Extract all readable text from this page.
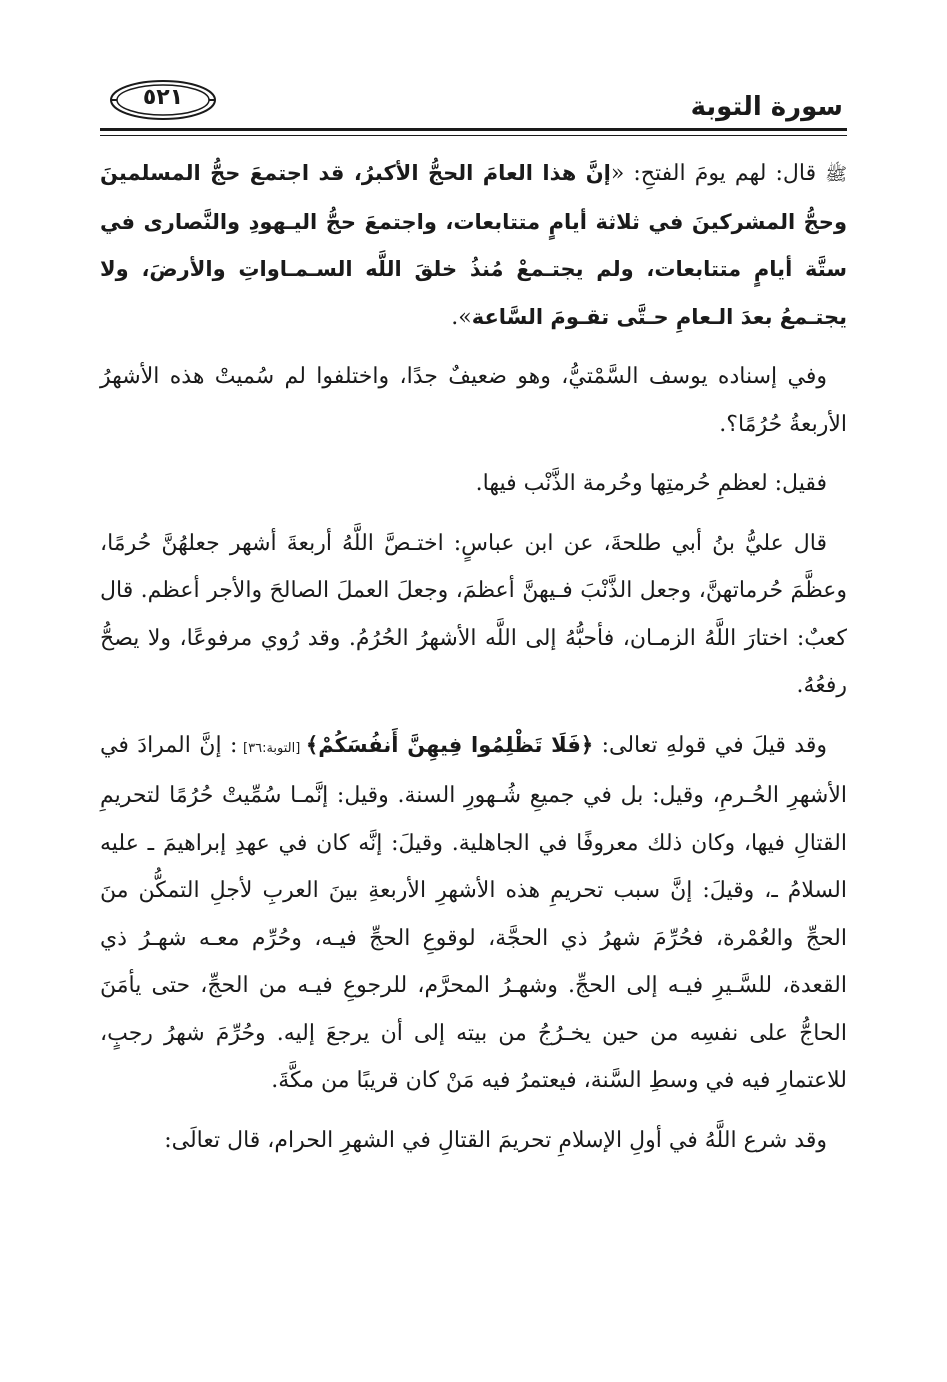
سورة التوبة
٥٢١

ﷺ قال: لهم يومَ الفتحِ: «إنَّ هذا العامَ الحجُّ الأكبرُ، قد اجتمعَ حجُّ المسلمينَ وحجُّ المشركينَ في ثلاثة أيامٍ متتابعات، واجتمعَ حجُّ اليـهودِ والنَّصارى في ستَّة أيامٍ متتابعات، ولم يجتـمعْ مُنذُ خلقَ اللَّه السـمـاواتِ والأرضَ، ولا يجتـمعُ بعدَ الـعامِ حـتَّى تقـومَ السَّاعة».

وفي إسناده يوسف السَّمْتيُّ، وهو ضعيفٌ جدًا، واختلفوا لم سُميتْ هذه الأشهرُ الأربعةُ حُرُمًا؟.

فقيل: لعظمِ حُرمتِها وحُرمة الذَّنْب فيها.

قال عليُّ بنُ أبي طلحةَ، عن ابن عباسٍ: اختـصَّ اللَّهُ أربعةَ أشهر جعلهُنَّ حُرمًا، وعظَّمَ حُرماتهنَّ، وجعل الذَّنْبَ فـيهنَّ أعظمَ، وجعلَ العملَ الصالحَ والأجر أعظم. قال كعبٌ: اختارَ اللَّهُ الزمـان، فأحبُّهُ إلى اللَّه الأشهرُ الحُرُمُ. وقد رُوي مرفوعًا، ولا يصحُّ رفعُهُ.

وقد قيلَ في قولهِ تعالى: ﴿فَلَا تَظْلِمُوا فِيهِنَّ أَنفُسَكُمْ﴾ [التوبة:٣٦] : إنَّ المرادَ في الأشهرِ الحُـرمِ، وقيل: بل في جميعِ شُـهورِ السنة. وقيل: إنَّمـا سُمِّيتْ حُرُمًا لتحريمِ القتالِ فيها، وكان ذلك معروفًا في الجاهلية. وقيلَ: إنَّه كان في عهدِ إبراهيمَ ـ عليه السلامُ ـ، وقيلَ: إنَّ سبب تحريمِ هذه الأشهرِ الأربعةِ بينَ العربِ لأجلِ التمكُّن منَ الحجِّ والعُمْرة، فحُرِّمَ شهرُ ذي الحجَّة، لوقوعِ الحجِّ فيـه، وحُرِّم معـه شهـرُ ذي القعدة، للسَّـيرِ فيـه إلى الحجِّ. وشهـرُ المحرَّم، للرجوعِ فيـه من الحجِّ، حتى يأمَنَ الحاجُّ على نفسِه من حين يخـرُجُ من بيته إلى أن يرجعَ إليه. وحُرِّمَ شهرُ رجبٍ، للاعتمارِ فيه في وسطِ السَّنة، فيعتمرُ فيه مَنْ كان قريبًا من مكَّةَ.

وقد شرع اللَّهُ في أولِ الإسلامِ تحريمَ القتالِ في الشهرِ الحرام، قال تعالَى:
